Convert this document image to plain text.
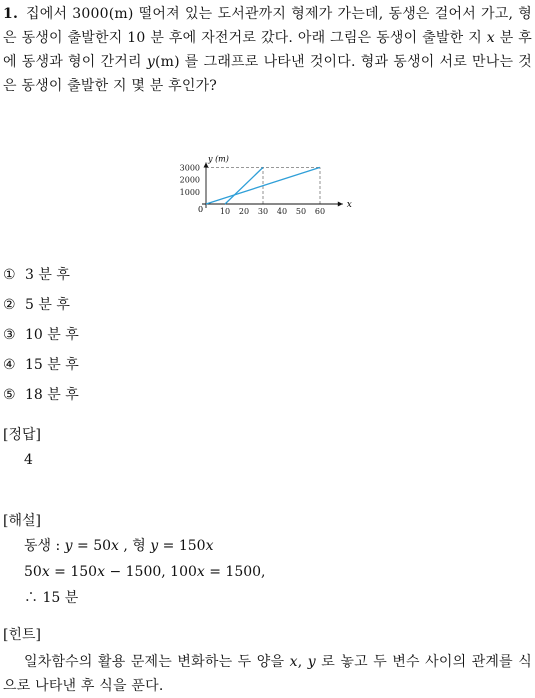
1. 집에서 3000(m) 떨어져 있는 도서관까지 형제가 가는데, 동생은 걸어서 가고, 형은 동생이 출발한지 10 분 후에 자전거로 갔다. 아래 그림은 동생이 출발한 지 x 분 후에 동생과 형이 간거리 y(m) 를 그래프로 나타낸 것이다. 형과 동생이 서로 만나는 것은 동생이 출발한 지 몇 분 후인가?
10 20 30 40 50 60
1000
2000
3000
y (m)
x
0
① 3 분 후
② 5 분 후
③ 10 분 후
④ 15 분 후
⑤ 18 분 후
[정답]
4
[해설]
동생 : y = 50x , 형 y = 150x
50x = 150x − 1500, 100x = 1500,
∴ 15 분
[힌트]
일차함수의 활용 문제는 변화하는 두 양을 x, y 로 놓고 두 변수 사이의 관계를 식으로 나타낸 후 식을 푼다.
